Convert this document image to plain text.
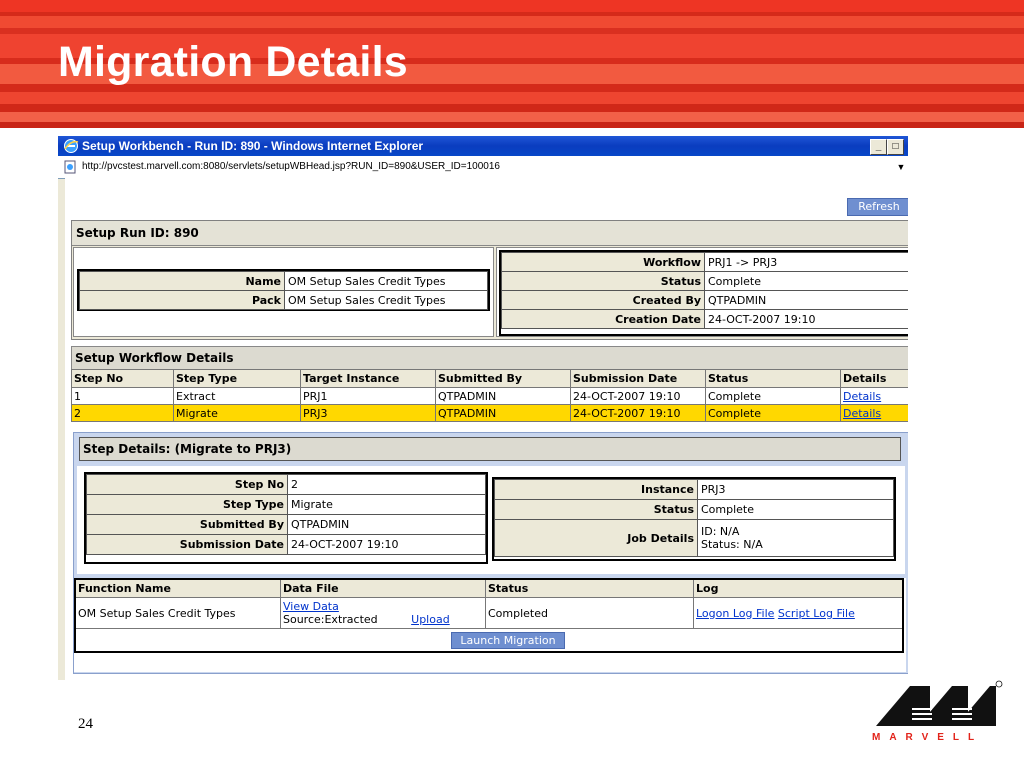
Migration Details
Setup Workbench - Run ID: 890 - Windows Internet Explorer	_	□
http://pvcstest.marvell.com:8080/servlets/setupWBHead.jsp?RUN_ID=890&USER_ID=100016	▼
Refresh
Setup Run ID: 890
Name	OM Setup Sales Credit Types
Pack	OM Setup Sales Credit Types
Workflow	PRJ1 -> PRJ3
Status	Complete
Created By	QTPADMIN
Creation Date	24-OCT-2007 19:10
Setup Workflow Details
Step No	Step Type	Target Instance	Submitted By	Submission Date	Status	Details
1	Extract	PRJ1	QTPADMIN	24-OCT-2007 19:10	Complete	Details
2	Migrate	PRJ3	QTPADMIN	24-OCT-2007 19:10	Complete	Details
Step Details: (Migrate to PRJ3)
Step No	2
Step Type	Migrate
Submitted By	QTPADMIN
Submission Date	24-OCT-2007 19:10
Instance	PRJ3
Status	Complete
Job Details	ID: N/A
Status: N/A
Function Name	Data File	Status	Log
OM Setup Sales Credit Types	View Data
Source:Extracted Upload	Completed	Logon Log File Script Log File
Launch Migration			
24
MARVELL
